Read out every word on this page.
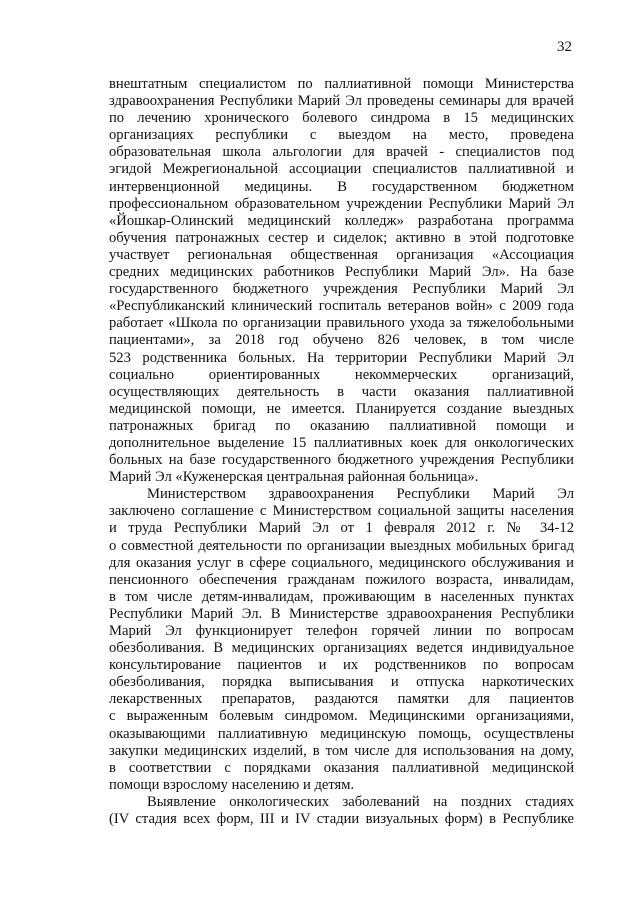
32
внештатным специалистом по паллиативной помощи Министерства
здравоохранения Республики Марий Эл проведены семинары для врачей
по лечению хронического болевого синдрома в 15 медицинских
организациях республики с выездом на место, проведена
образовательная школа альгологии для врачей - специалистов под
эгидой Межрегиональной ассоциации специалистов паллиативной и
интервенционной медицины. В государственном бюджетном
профессиональном образовательном учреждении Республики Марий Эл
«Йошкар-Олинский медицинский колледж» разработана программа
обучения патронажных сестер и сиделок; активно в этой подготовке
участвует региональная общественная организация «Ассоциация
средних медицинских работников Республики Марий Эл». На базе
государственного бюджетного учреждения Республики Марий Эл
«Республиканский клинический госпиталь ветеранов войн» с 2009 года
работает «Школа по организации правильного ухода за тяжелобольными
пациентами», за 2018 год обучено 826 человек, в том числе
523 родственника больных. На территории Республики Марий Эл
социально ориентированных некоммерческих организаций,
осуществляющих деятельность в части оказания паллиативной
медицинской помощи, не имеется. Планируется создание выездных
патронажных бригад по оказанию паллиативной помощи и
дополнительное выделение 15 паллиативных коек для онкологических
больных на базе государственного бюджетного учреждения Республики
Марий Эл «Куженерская центральная районная больница».
Министерством здравоохранения Республики Марий Эл
заключено соглашение с Министерством социальной защиты населения
и труда Республики Марий Эл от 1 февраля 2012 г. № 34-12
о совместной деятельности по организации выездных мобильных бригад
для оказания услуг в сфере социального, медицинского обслуживания и
пенсионного обеспечения гражданам пожилого возраста, инвалидам,
в том числе детям-инвалидам, проживающим в населенных пунктах
Республики Марий Эл. В Министерстве здравоохранения Республики
Марий Эл функционирует телефон горячей линии по вопросам
обезболивания. В медицинских организациях ведется индивидуальное
консультирование пациентов и их родственников по вопросам
обезболивания, порядка выписывания и отпуска наркотических
лекарственных препаратов, раздаются памятки для пациентов
с выраженным болевым синдромом. Медицинскими организациями,
оказывающими паллиативную медицинскую помощь, осуществлены
закупки медицинских изделий, в том числе для использования на дому,
в соответствии с порядками оказания паллиативной медицинской
помощи взрослому населению и детям.
Выявление онкологических заболеваний на поздних стадиях
(IV стадия всех форм, III и IV стадии визуальных форм) в Республике
